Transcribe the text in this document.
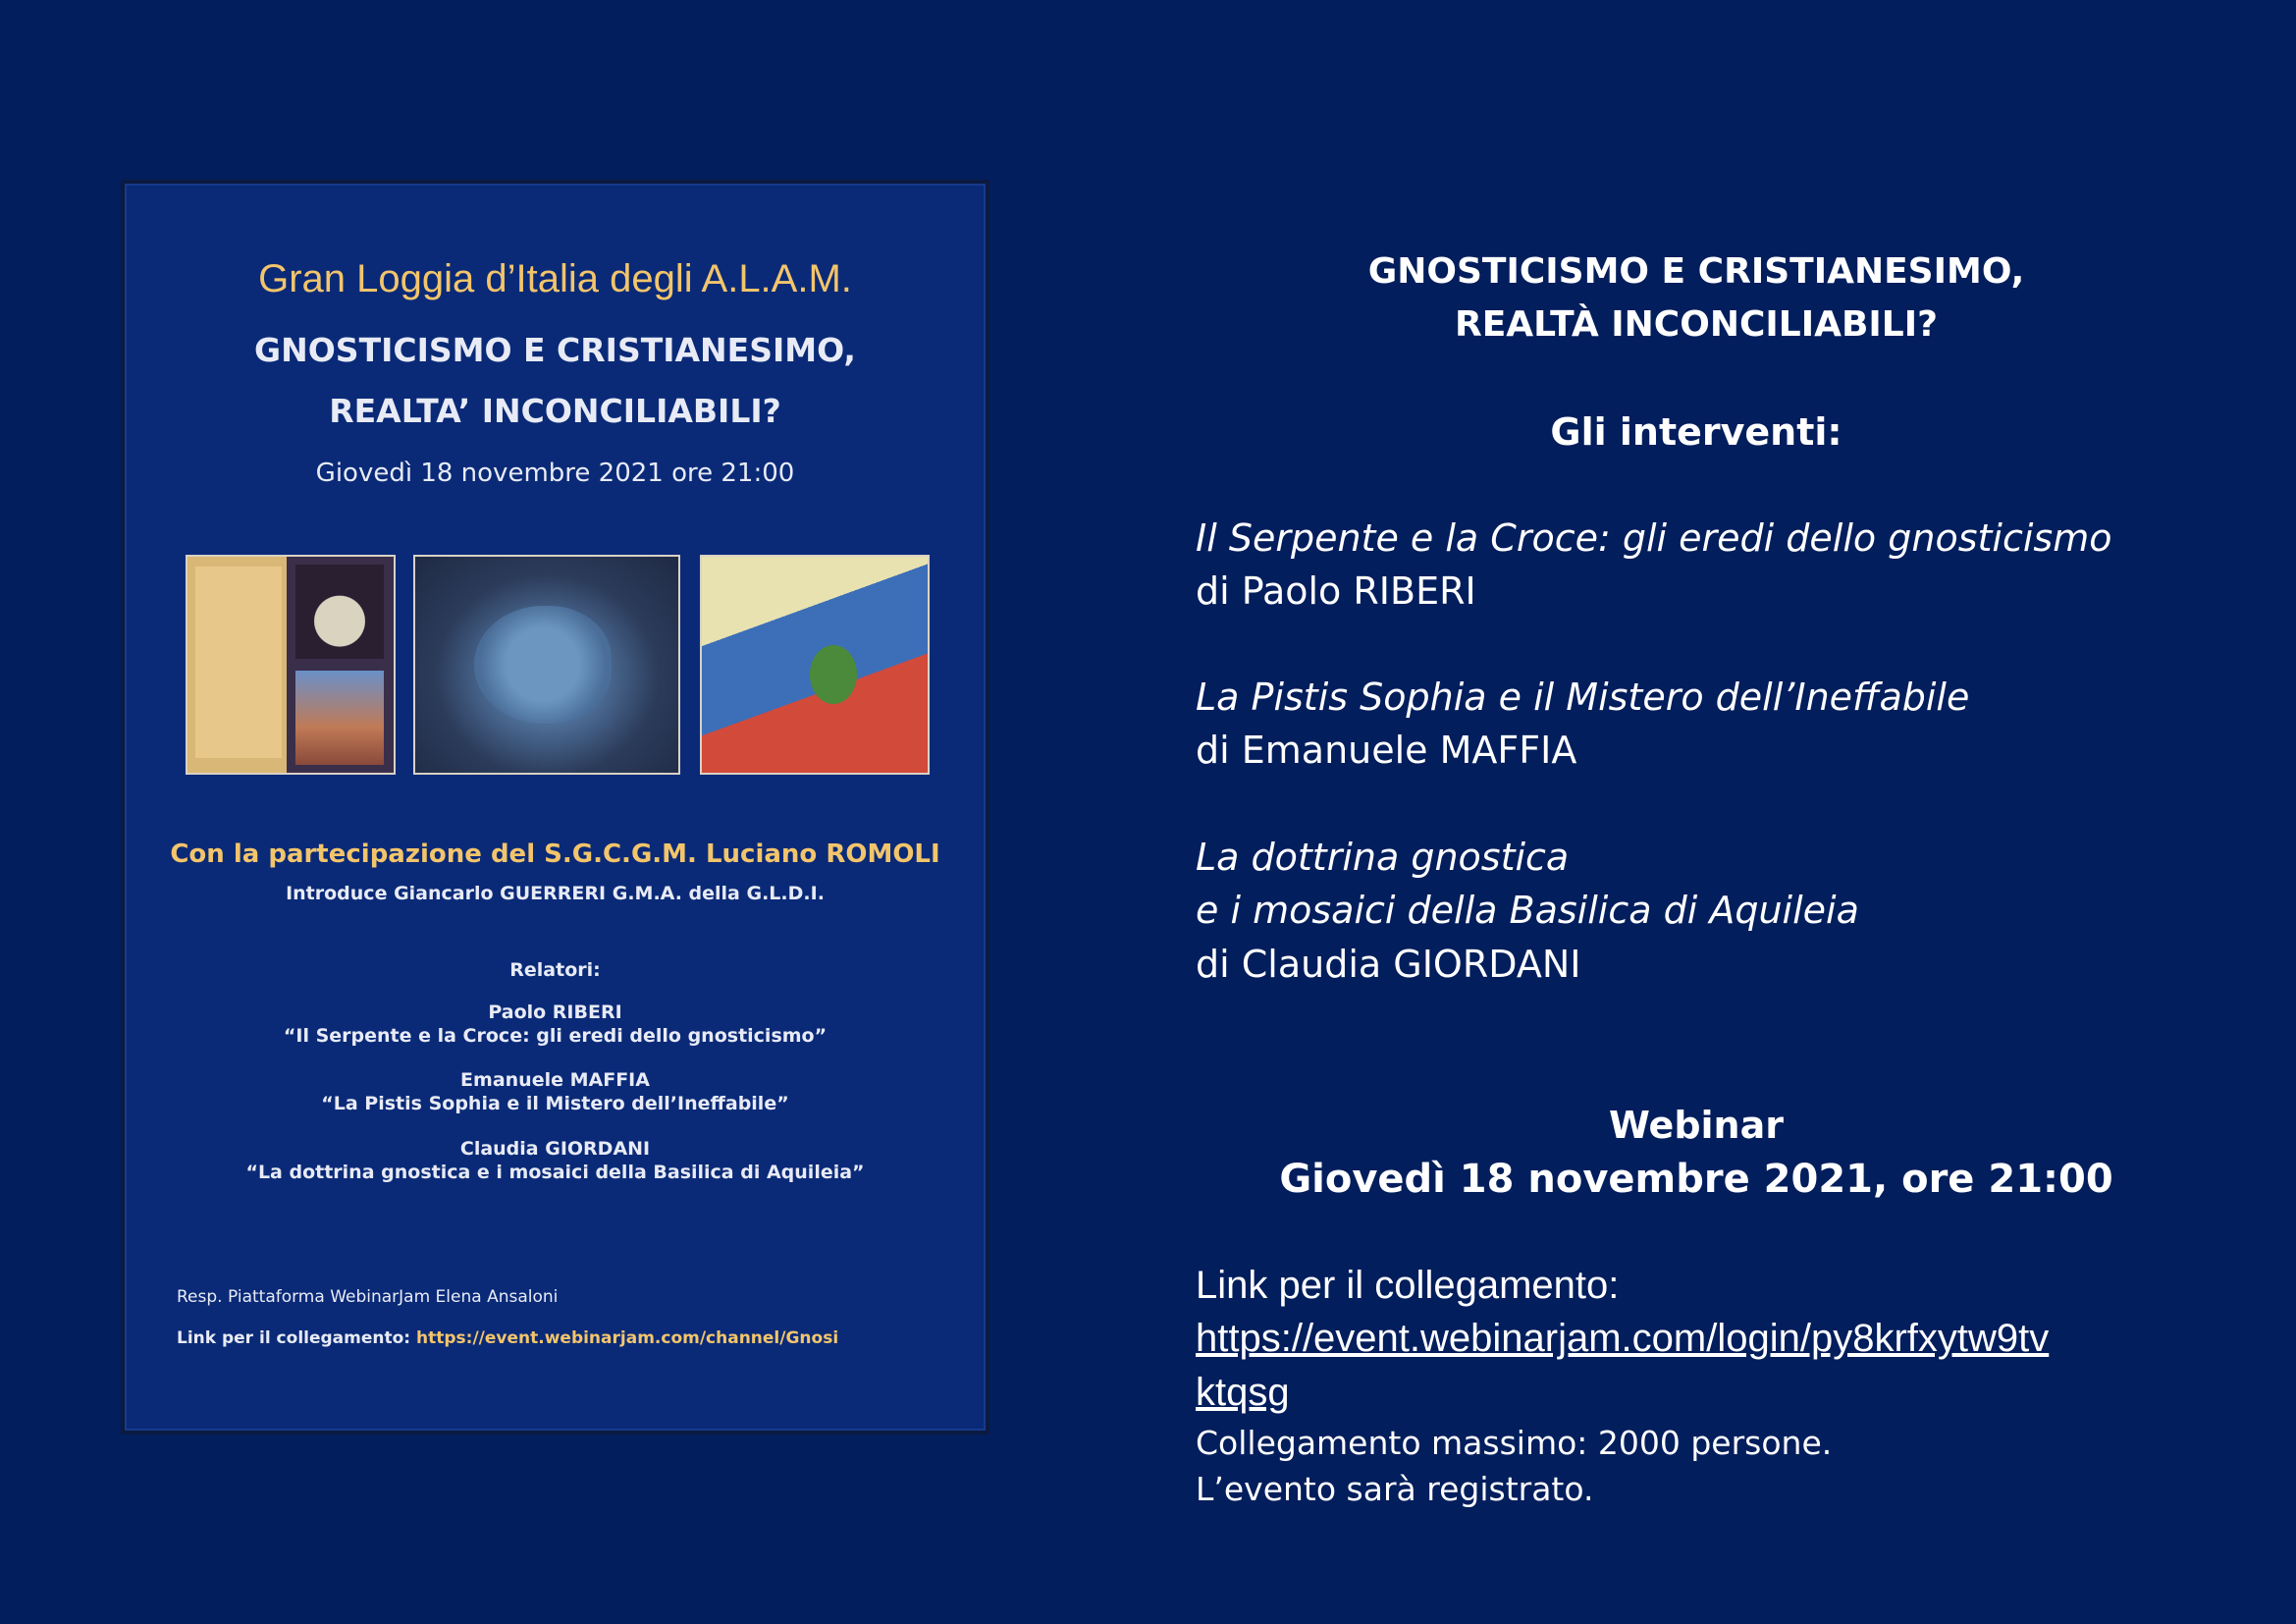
Gran Loggia d’Italia degli A.L.A.M.
GNOSTICISMO E CRISTIANESIMO,
REALTA’ INCONCILIABILI?
Giovedì 18 novembre 2021 ore 21:00
Con la partecipazione del S.G.C.G.M. Luciano ROMOLI
Introduce Giancarlo GUERRERI G.M.A. della G.L.D.I.
Relatori:
Paolo RIBERI
“Il Serpente e la Croce: gli eredi dello gnosticismo”
Emanuele MAFFIA
“La Pistis Sophia e il Mistero dell’Ineffabile”
Claudia GIORDANI
“La dottrina gnostica e i mosaici della Basilica di Aquileia”
Resp. Piattaforma WebinarJam Elena Ansaloni
Link per il collegamento: https://event.webinarjam.com/channel/Gnosi
GNOSTICISMO E CRISTIANESIMO,
REALTÀ INCONCILIABILI?
Gli interventi:
Il Serpente e la Croce: gli eredi dello gnosticismo
di Paolo RIBERI
La Pistis Sophia e il Mistero dell’Ineffabile
di Emanuele MAFFIA
La dottrina gnostica
e i mosaici della Basilica di Aquileia
di Claudia GIORDANI
Webinar
Giovedì 18 novembre 2021, ore 21:00
Link per il collegamento:
https://event.webinarjam.com/login/py8krfxytw9tv
ktqsg
Collegamento massimo: 2000 persone.
L’evento sarà registrato.
